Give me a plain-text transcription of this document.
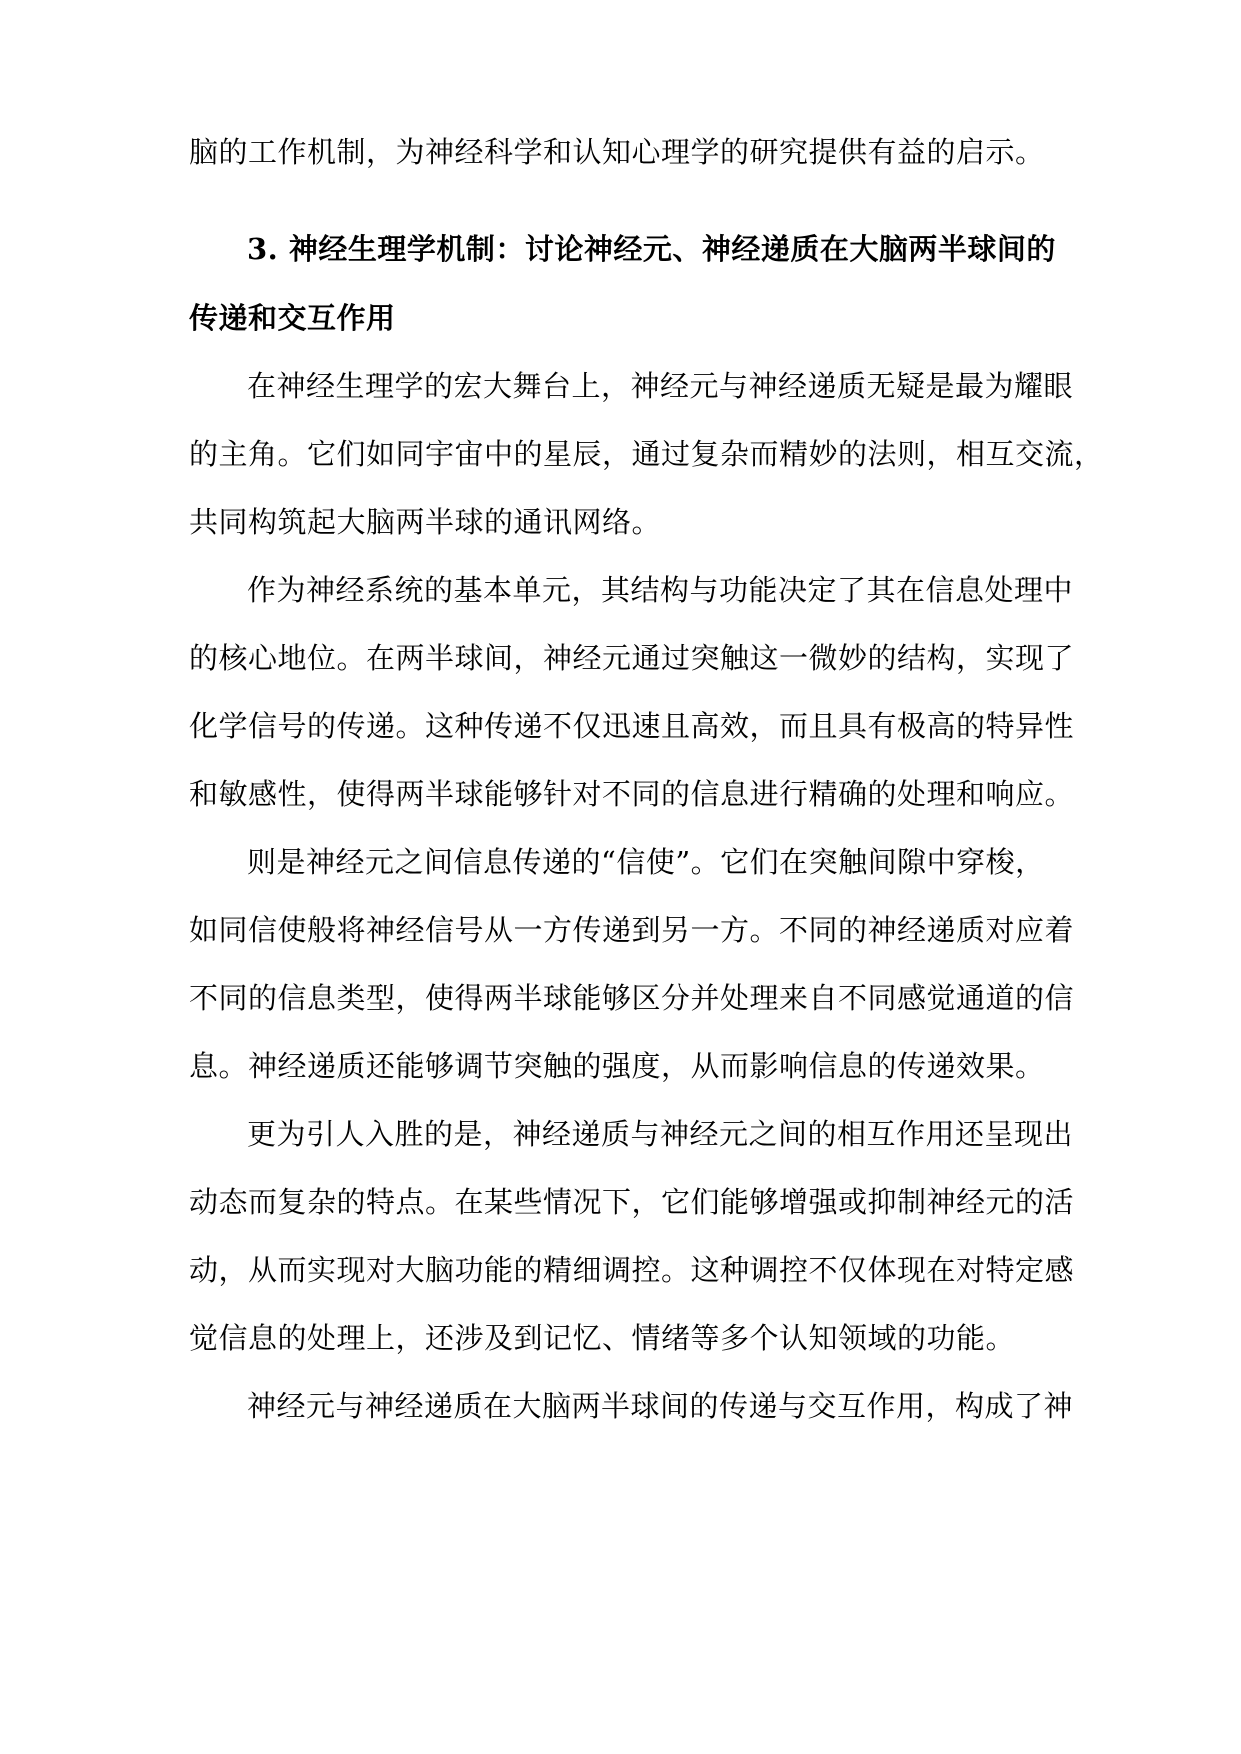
脑的工作机制，为神经科学和认知心理学的研究提供有益的启示。
3. 神经生理学机制：讨论神经元、神经递质在大脑两半球间的
传递和交互作用
在神经生理学的宏大舞台上，神经元与神经递质无疑是最为耀眼
的主角。它们如同宇宙中的星辰，通过复杂而精妙的法则，相互交流，
共同构筑起大脑两半球的通讯网络。
作为神经系统的基本单元，其结构与功能决定了其在信息处理中
的核心地位。在两半球间，神经元通过突触这一微妙的结构，实现了
化学信号的传递。这种传递不仅迅速且高效，而且具有极高的特异性
和敏感性，使得两半球能够针对不同的信息进行精确的处理和响应。
则是神经元之间信息传递的“信使”。它们在突触间隙中穿梭，
如同信使般将神经信号从一方传递到另一方。不同的神经递质对应着
不同的信息类型，使得两半球能够区分并处理来自不同感觉通道的信
息。神经递质还能够调节突触的强度，从而影响信息的传递效果。
更为引人入胜的是，神经递质与神经元之间的相互作用还呈现出
动态而复杂的特点。在某些情况下，它们能够增强或抑制神经元的活
动，从而实现对大脑功能的精细调控。这种调控不仅体现在对特定感
觉信息的处理上，还涉及到记忆、情绪等多个认知领域的功能。
神经元与神经递质在大脑两半球间的传递与交互作用，构成了神
